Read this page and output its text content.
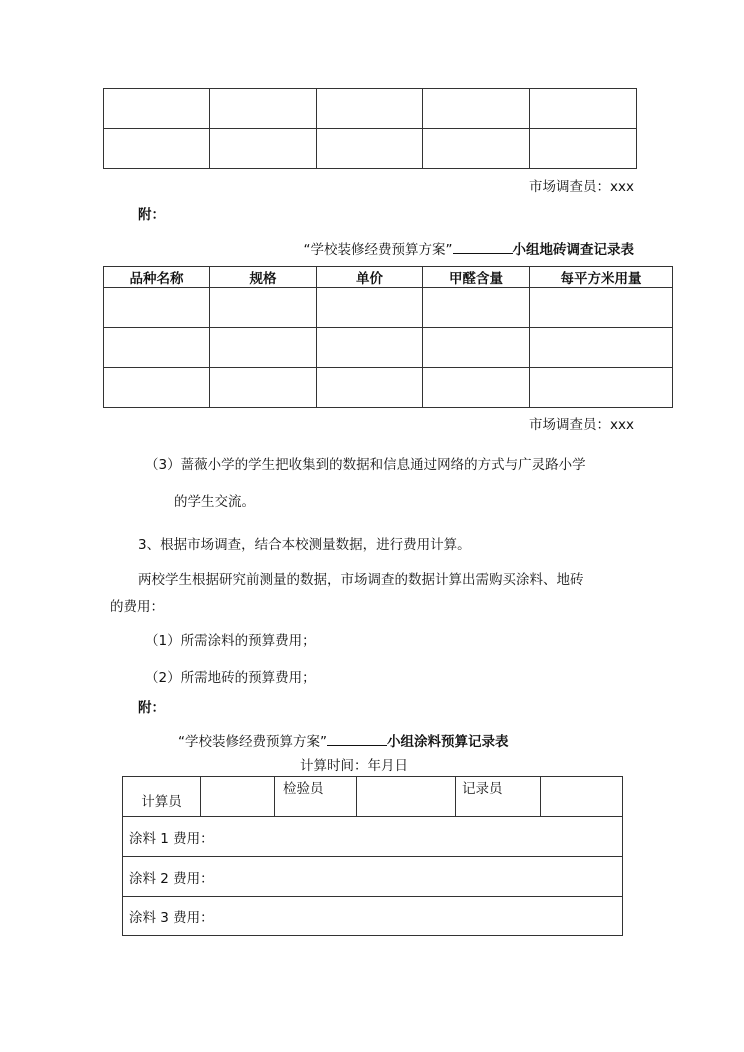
市场调查员：xxx
附：
“学校装修经费预算方案”	小组地砖调查记录表
品种名称	规格	单价	甲醛含量	每平方米用量

市场调查员：xxx
（3）蔷薇小学的学生把收集到的数据和信息通过网络的方式与广灵路小学
的学生交流。
3、根据市场调查，结合本校测量数据，进行费用计算。
两校学生根据研究前测量的数据，市场调查的数据计算出需购买涂料、地砖
的费用：
（1）所需涂料的预算费用；
（2）所需地砖的预算费用；
附：
“学校装修经费预算方案”	小组涂料预算记录表
计算时间：年月日
计算员		检验员		记录员	
涂料 1 费用：
涂料 2 费用：
涂料 3 费用：
